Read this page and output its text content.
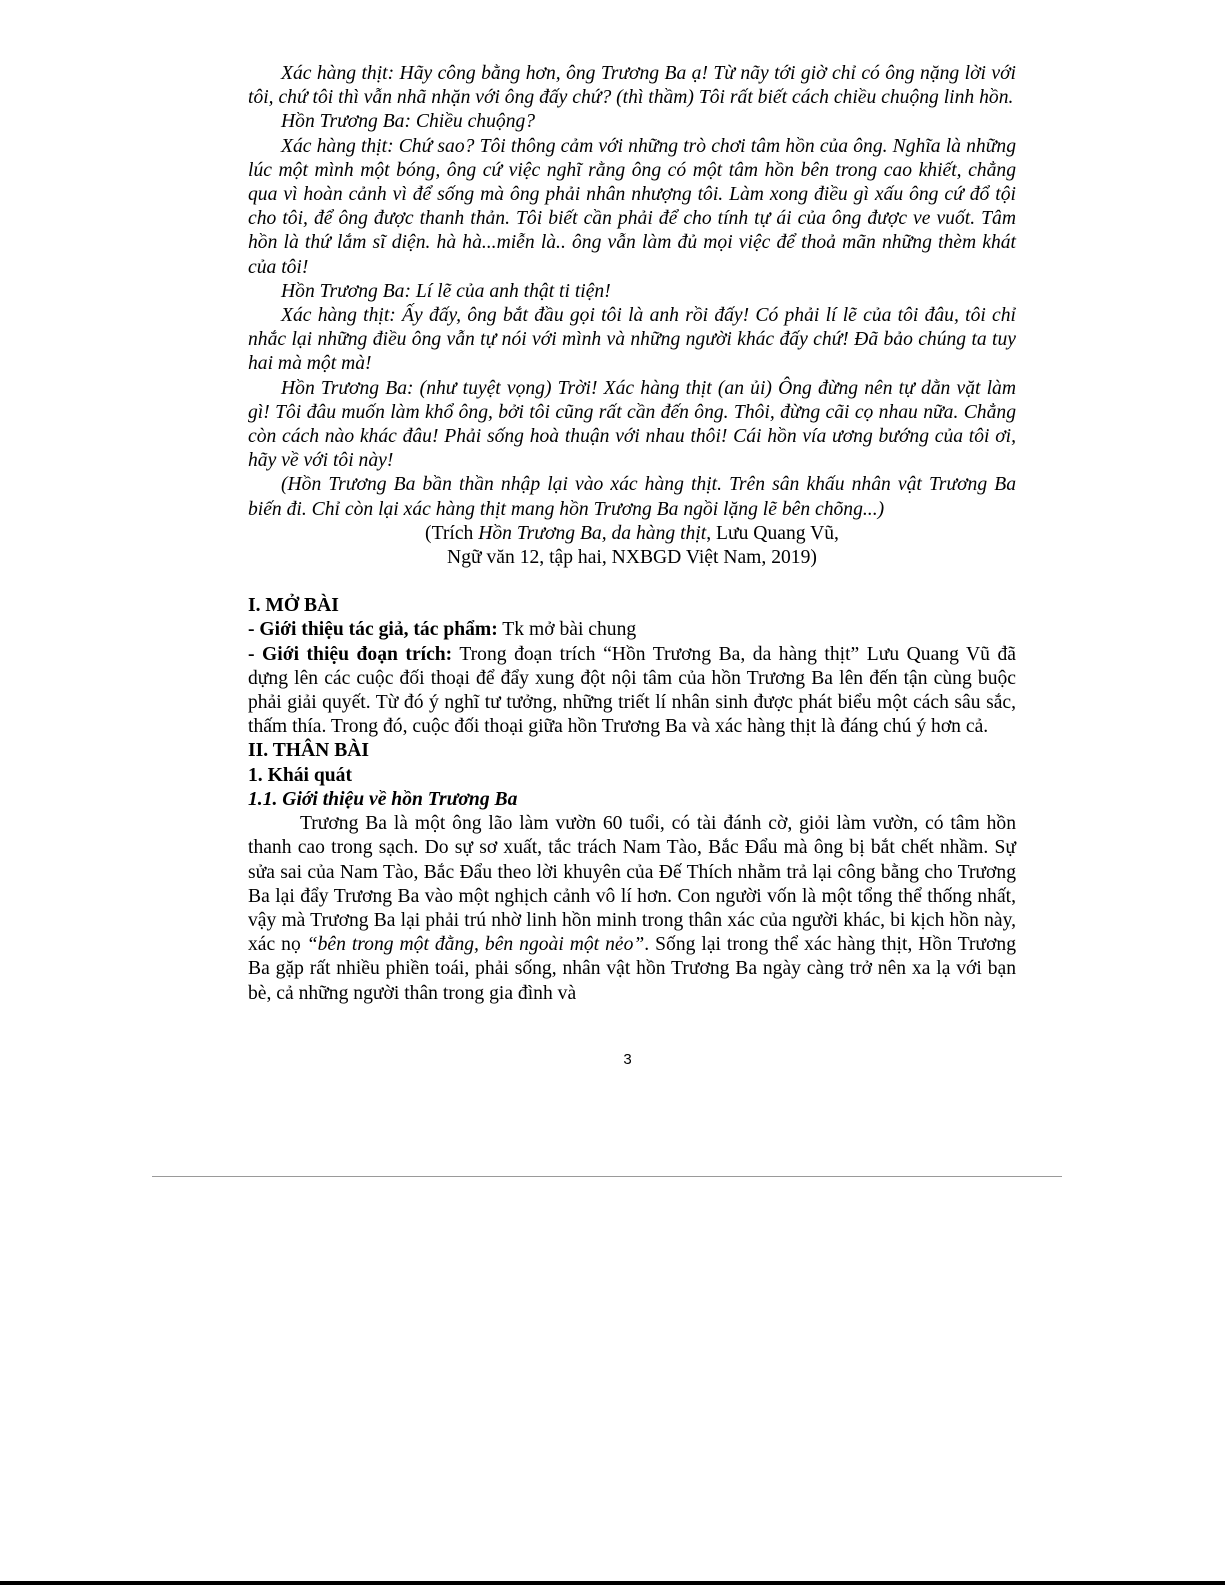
Xác hàng thịt: Hãy công bằng hơn, ông Trương Ba ạ! Từ nãy tới giờ chỉ có ông nặng lời với tôi, chứ tôi thì vẫn nhã nhặn với ông đấy chứ? (thì thầm) Tôi rất biết cách chiều chuộng linh hồn.

Hồn Trương Ba: Chiều chuộng?

Xác hàng thịt: Chứ sao? Tôi thông cảm với những trò chơi tâm hồn của ông. Nghĩa là những lúc một mình một bóng, ông cứ việc nghĩ rằng ông có một tâm hồn bên trong cao khiết, chẳng qua vì hoàn cảnh vì để sống mà ông phải nhân nhượng tôi. Làm xong điều gì xấu ông cứ đổ tội cho tôi, để ông được thanh thản. Tôi biết cần phải để cho tính tự ái của ông được ve vuốt. Tâm hồn là thứ lắm sĩ diện. hà hà...miễn là.. ông vẫn làm đủ mọi việc để thoả mãn những thèm khát của tôi!

Hồn Trương Ba: Lí lẽ của anh thật ti tiện!

Xác hàng thịt: Ấy đấy, ông bắt đầu gọi tôi là anh rồi đấy! Có phải lí lẽ của tôi đâu, tôi chỉ nhắc lại những điều ông vẫn tự nói với mình và những người khác đấy chứ! Đã bảo chúng ta tuy hai mà một mà!

Hồn Trương Ba: (như tuyệt vọng) Trời! Xác hàng thịt (an ủi) Ông đừng nên tự dằn vặt làm gì! Tôi đâu muốn làm khổ ông, bởi tôi cũng rất cần đến ông. Thôi, đừng cãi cọ nhau nữa. Chẳng còn cách nào khác đâu! Phải sống hoà thuận với nhau thôi! Cái hồn vía ương bướng của tôi ơi, hãy về với tôi này!

(Hồn Trương Ba bần thần nhập lại vào xác hàng thịt. Trên sân khấu nhân vật Trương Ba biến đi. Chỉ còn lại xác hàng thịt mang hồn Trương Ba ngồi lặng lẽ bên chõng...)

(Trích Hồn Trương Ba, da hàng thịt, Lưu Quang Vũ,

Ngữ văn 12, tập hai, NXBGD Việt Nam, 2019)

I. MỞ BÀI

- Giới thiệu tác giả, tác phẩm: Tk mở bài chung

- Giới thiệu đoạn trích: Trong đoạn trích “Hồn Trương Ba, da hàng thịt” Lưu Quang Vũ đã dựng lên các cuộc đối thoại để đẩy xung đột nội tâm của hồn Trương Ba lên đến tận cùng buộc phải giải quyết. Từ đó ý nghĩ tư tưởng, những triết lí nhân sinh được phát biểu một cách sâu sắc, thấm thía. Trong đó, cuộc đối thoại giữa hồn Trương Ba và xác hàng thịt là đáng chú ý hơn cả.

II. THÂN BÀI

1. Khái quát

1.1. Giới thiệu về hồn Trương Ba

Trương Ba là một ông lão làm vườn 60 tuổi, có tài đánh cờ, giỏi làm vườn, có tâm hồn thanh cao trong sạch. Do sự sơ xuất, tắc trách Nam Tào, Bắc Đẩu mà ông bị bắt chết nhầm. Sự sửa sai của Nam Tào, Bắc Đẩu theo lời khuyên của Đế Thích nhằm trả lại công bằng cho Trương Ba lại đẩy Trương Ba vào một nghịch cảnh vô lí hơn. Con người vốn là một tổng thể thống nhất, vậy mà Trương Ba lại phải trú nhờ linh hồn minh trong thân xác của người khác, bi kịch hồn này, xác nọ “bên trong một đằng, bên ngoài một nẻo”. Sống lại trong thể xác hàng thịt, Hồn Trương Ba gặp rất nhiều phiền toái, phải sống, nhân vật hồn Trương Ba ngày càng trở nên xa lạ với bạn bè, cả những người thân trong gia đình và

3
